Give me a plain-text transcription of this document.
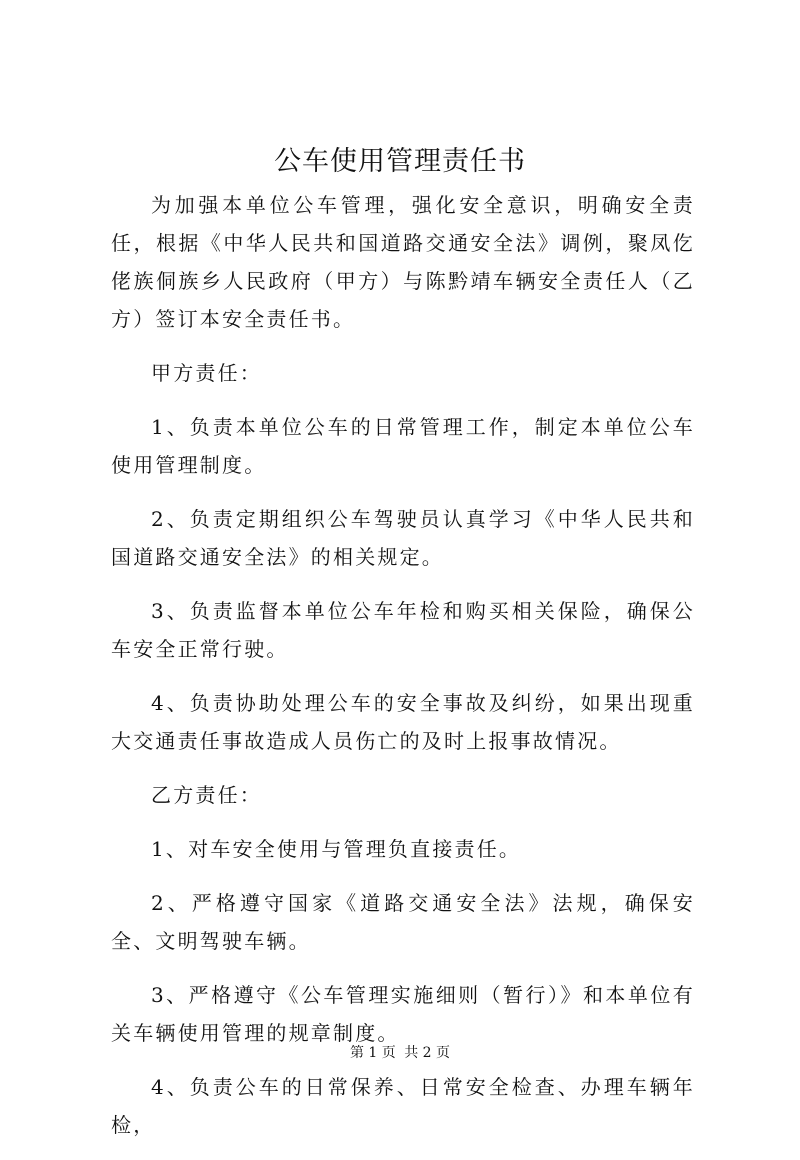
公车使用管理责任书

为加强本单位公车管理，强化安全意识，明确安全责任，根据《中华人民共和国道路交通安全法》调例，聚凤仡佬族侗族乡人民政府（甲方）与陈黔靖车辆安全责任人（乙方）签订本安全责任书。

甲方责任：

1、负责本单位公车的日常管理工作，制定本单位公车使用管理制度。

2、负责定期组织公车驾驶员认真学习《中华人民共和国道路交通安全法》的相关规定。

3、负责监督本单位公车年检和购买相关保险，确保公车安全正常行驶。

4、负责协助处理公车的安全事故及纠纷，如果出现重大交通责任事故造成人员伤亡的及时上报事故情况。

乙方责任：

1、对车安全使用与管理负直接责任。

2、严格遵守国家《道路交通安全法》法规，确保安全、文明驾驶车辆。

3、严格遵守《公车管理实施细则（暂行）》和本单位有关车辆使用管理的规章制度。

4、负责公车的日常保养、日常安全检查、办理车辆年检，

第 1 页 共 2 页
